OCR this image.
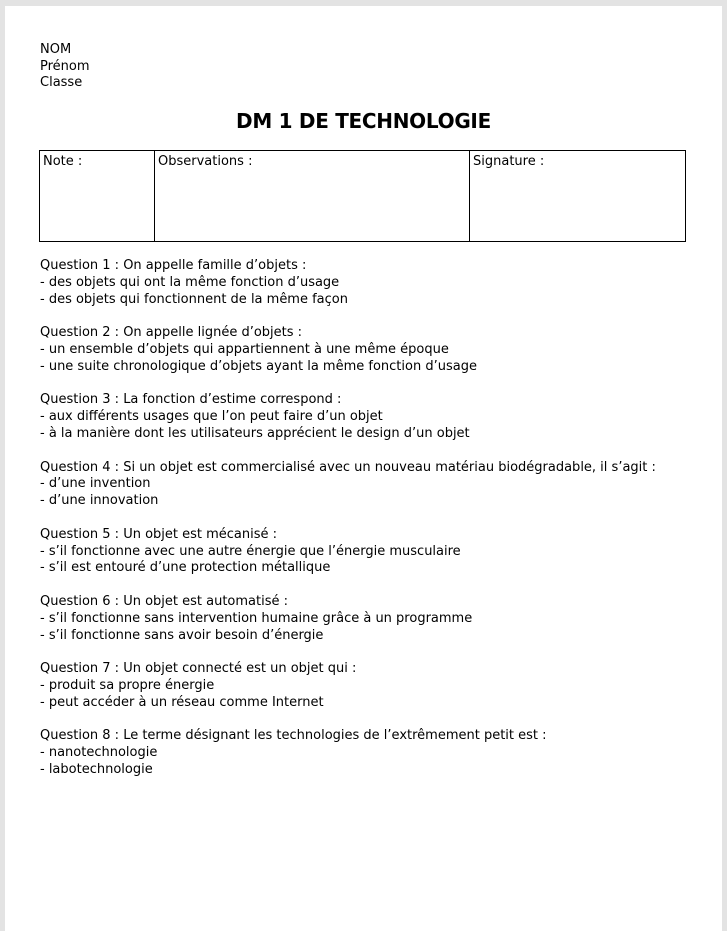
NOM
Prénom
Classe
DM 1 DE TECHNOLOGIE
Note :	Observations :	Signature :
Question 1 : On appelle famille d’objets :
- des objets qui ont la même fonction d’usage
- des objets qui fonctionnent de la même façon
Question 2 : On appelle lignée d’objets :
- un ensemble d’objets qui appartiennent à une même époque
- une suite chronologique d’objets ayant la même fonction d’usage
Question 3 : La fonction d’estime correspond :
- aux différents usages que l’on peut faire d’un objet
- à la manière dont les utilisateurs apprécient le design d’un objet
Question 4 : Si un objet est commercialisé avec un nouveau matériau biodégradable, il s’agit :
- d’une invention
- d’une innovation
Question 5 : Un objet est mécanisé :
- s’il fonctionne avec une autre énergie que l’énergie musculaire
- s’il est entouré d’une protection métallique
Question 6 : Un objet est automatisé :
- s’il fonctionne sans intervention humaine grâce à un programme
- s’il fonctionne sans avoir besoin d’énergie
Question 7 : Un objet connecté est un objet qui :
- produit sa propre énergie
- peut accéder à un réseau comme Internet
Question 8 : Le terme désignant les technologies de l’extrêmement petit est :
- nanotechnologie
- labotechnologie
